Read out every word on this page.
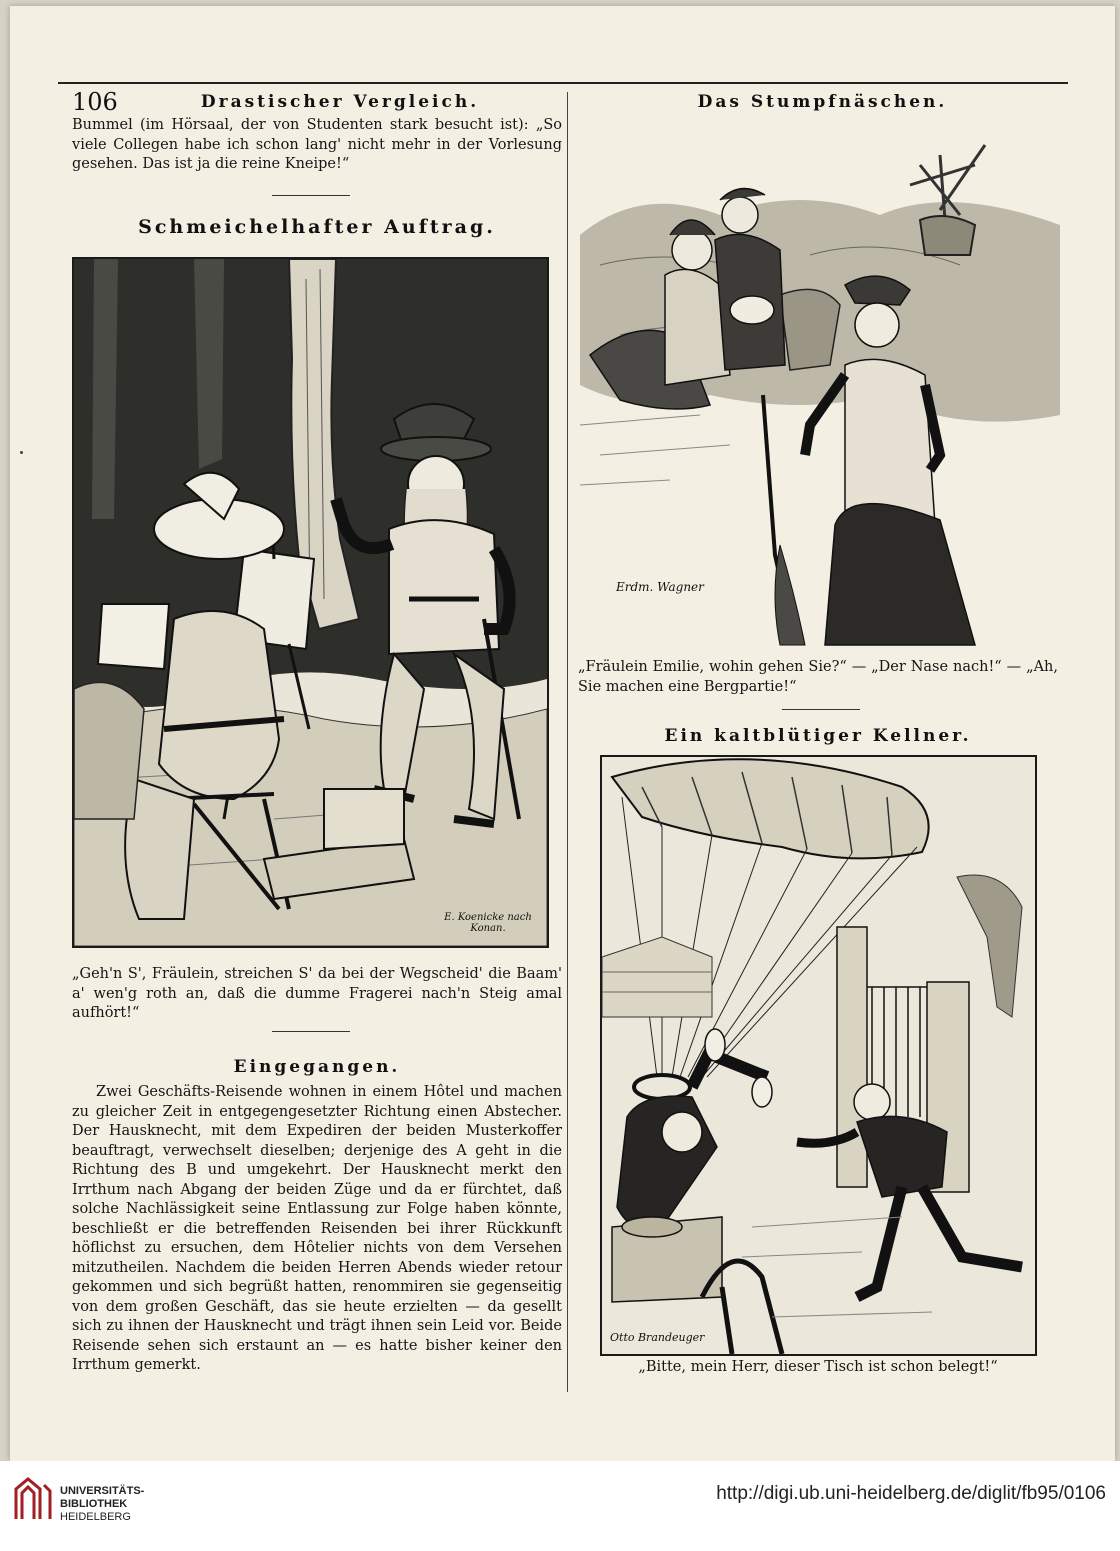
106	Drastischer Vergleich.
Bummel (im Hörsaal, der von Studenten stark besucht ist): „So viele Collegen habe ich schon lang' nicht mehr in der Vorlesung gesehen. Das ist ja die reine Kneipe!“
Schmeichelhafter Auftrag.
E. Koenicke nach Konan.
„Geh'n S', Fräulein, streichen S' da bei der Wegscheid' die Baam' a' wen'g roth an, daß die dumme Fragerei nach'n Steig amal aufhört!“
Eingegangen.
Zwei Geschäfts-Reisende wohnen in einem Hôtel und machen zu gleicher Zeit in entgegengesetzter Richtung einen Abstecher. Der Hausknecht, mit dem Expediren der beiden Musterkoffer beauftragt, verwechselt dieselben; derjenige des A geht in die Richtung des B und umgekehrt. Der Hausknecht merkt den Irrthum nach Abgang der beiden Züge und da er fürchtet, daß solche Nachlässigkeit seine Entlassung zur Folge haben könnte, beschließt er die betreffenden Reisenden bei ihrer Rückkunft höflichst zu ersuchen, dem Hôtelier nichts von dem Versehen mitzutheilen. Nachdem die beiden Herren Abends wieder retour gekommen und sich begrüßt hatten, renommiren sie gegenseitig von dem großen Geschäft, das sie heute erzielten — da gesellt sich zu ihnen der Hausknecht und trägt ihnen sein Leid vor. Beide Reisende sehen sich erstaunt an — es hatte bisher keiner den Irrthum gemerkt.
Das Stumpfnäschen.
Erdm. Wagner
„Fräulein Emilie, wohin gehen Sie?“ — „Der Nase nach!“ — „Ah, Sie machen eine Bergpartie!“
Ein kaltblütiger Kellner.
Otto Brandeuger
„Bitte, mein Herr, dieser Tisch ist schon belegt!“
UNIVERSITÄTS-
BIBLIOTHEK
HEIDELBERG
http://digi.ub.uni-heidelberg.de/diglit/fb95/0106
